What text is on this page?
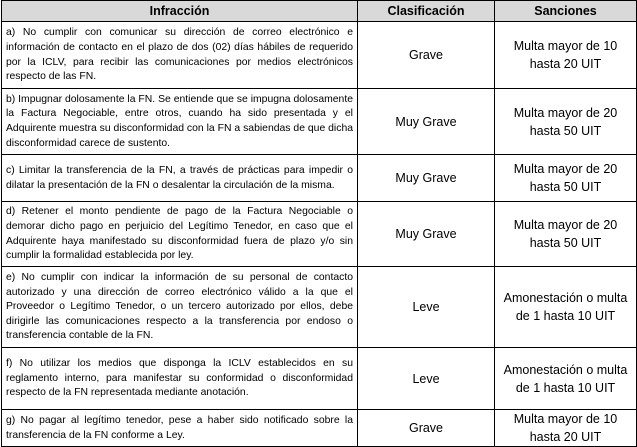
Infracción	Clasificación	Sanciones
a) No cumplir con comunicar su dirección de correo electrónico e información de contacto en el plazo de dos (02) días hábiles de requerido por la ICLV, para recibir las comunicaciones por medios electrónicos respecto de las FN.	Grave	Multa mayor de 10 hasta 20 UIT
b) Impugnar dolosamente la FN. Se entiende que se impugna dolosamente la Factura Negociable, entre otros, cuando ha sido presentada y el Adquirente muestra su disconformidad con la FN a sabiendas de que dicha disconformidad carece de sustento.	Muy Grave	Multa mayor de 20 hasta 50 UIT
c) Limitar la transferencia de la FN, a través de prácticas para impedir o dilatar la presentación de la FN o desalentar la circulación de la misma.	Muy Grave	Multa mayor de 20 hasta 50 UIT
d) Retener el monto pendiente de pago de la Factura Negociable o demorar dicho pago en perjuicio del Legítimo Tenedor, en caso que el Adquirente haya manifestado su disconformidad fuera de plazo y/o sin cumplir la formalidad establecida por ley.	Muy Grave	Multa mayor de 20 hasta 50 UIT
e) No cumplir con indicar la información de su personal de contacto autorizado y una dirección de correo electrónico válido a la que el Proveedor o Legítimo Tenedor, o un tercero autorizado por ellos, debe dirigirle las comunicaciones respecto a la transferencia por endoso o transferencia contable de la FN.	Leve	Amonestación o multa de 1 hasta 10 UIT
f) No utilizar los medios que disponga la ICLV establecidos en su reglamento interno, para manifestar su conformidad o disconformidad respecto de la FN representada mediante anotación.	Leve	Amonestación o multa de 1 hasta 10 UIT
g) No pagar al legítimo tenedor, pese a haber sido notificado sobre la transferencia de la FN conforme a Ley.	Grave	Multa mayor de 10 hasta 20 UIT
